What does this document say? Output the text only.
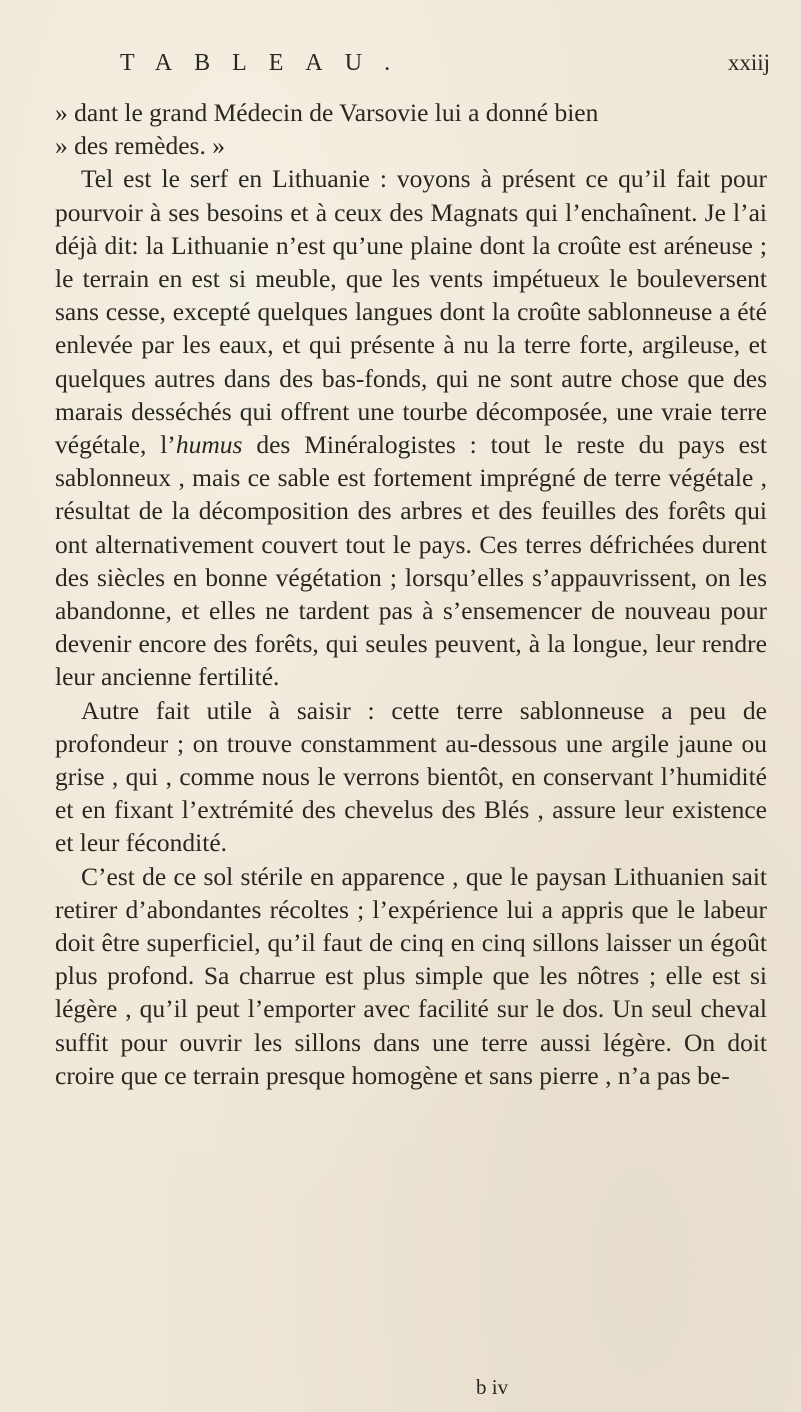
TABLEAU.	xxiij

» dant le grand Médecin de Varsovie lui a donné bien
» des remèdes. »

Tel est le serf en Lithuanie : voyons à présent ce qu’il fait pour pourvoir à ses besoins et à ceux des Magnats qui l’enchaînent. Je l’ai déjà dit: la Lithuanie n’est qu’une plaine dont la croûte est aréneuse ; le terrain en est si meuble, que les vents impétueux le bouleversent sans cesse, excepté quelques langues dont la croûte sablonneuse a été enlevée par les eaux, et qui présente à nu la terre forte, argileuse, et quelques autres dans des bas-fonds, qui ne sont autre chose que des marais desséchés qui offrent une tourbe décomposée, une vraie terre végétale, l’humus des Minéralogistes : tout le reste du pays est sablonneux , mais ce sable est fortement imprégné de terre végétale , résultat de la décomposition des arbres et des feuilles des forêts qui ont alternativement couvert tout le pays. Ces terres défrichées durent des siècles en bonne végétation ; lorsqu’elles s’appauvrissent, on les abandonne, et elles ne tardent pas à s’ensemencer de nouveau pour devenir encore des forêts, qui seules peuvent, à la longue, leur rendre leur ancienne fertilité.

Autre fait utile à saisir : cette terre sablonneuse a peu de profondeur ; on trouve constamment au-dessous une argile jaune ou grise , qui , comme nous le verrons bientôt, en conservant l’humidité et en fixant l’extrémité des chevelus des Blés , assure leur existence et leur fécondité.

C’est de ce sol stérile en apparence , que le paysan Lithuanien sait retirer d’abondantes récoltes ; l’expérience lui a appris que le labeur doit être superficiel, qu’il faut de cinq en cinq sillons laisser un égoût plus profond. Sa charrue est plus simple que les nôtres ; elle est si légère , qu’il peut l’emporter avec facilité sur le dos. Un seul cheval suffit pour ouvrir les sillons dans une terre aussi légère. On doit croire que ce terrain presque homogène et sans pierre , n’a pas be-

b iv
